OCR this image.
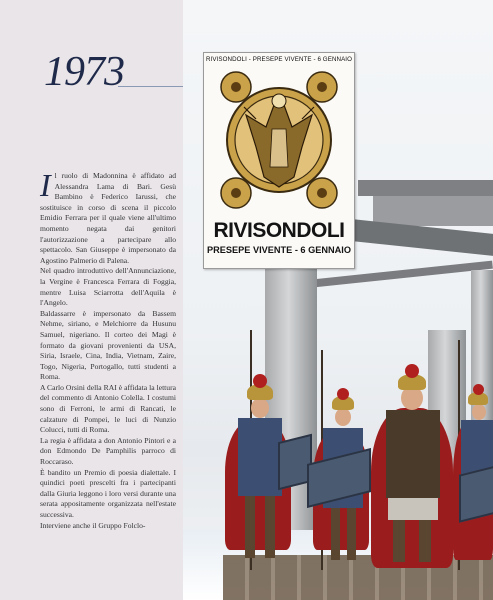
1973
I l ruolo di Madonnina è affidato ad Alessandra Lama di Bari. Gesù Bambino è Federico Iarussi, che sostituisce in corso di scena il piccolo Emidio Ferrara per il quale viene all'ultimo momento negata dai genitori l'autorizzazione a partecipare allo spettacolo. San Giuseppe è impersonato da Agostino Palmerio di Palena.

Nel quadro introduttivo dell'Annunciazione, la Vergine è Francesca Ferrara di Foggia, mentre Luisa Sciarrotta dell'Aquila è l'Angelo.

Baldassarre è impersonato da Bassem Nehme, siriano, e Melchiorre da Husunu Samuel, nigeriano. Il corteo dei Magi è formato da giovani provenienti da USA, Siria, Israele, Cina, India, Vietnam, Zaire, Togo, Nigeria, Portogallo, tutti studenti a Roma.

A Carlo Orsini della RAI è affidata la lettura del commento di Antonio Colella. I costumi sono di Ferroni, le armi di Rancati, le calzature di Pompei, le luci di Nunzio Colucci, tutti di Roma.

La regia è affidata a don Antonio Pintori e a don Edmondo De Pamphilis parroco di Roccaraso.

È bandito un Premio di poesia dialettale. I quindici poeti prescelti fra i partecipanti dalla Giuria leggono i loro versi durante una serata appositamente organizzata nell'estate successiva.

Interviene anche il Gruppo Folclo-

RIVISONDOLI - PRESEPE VIVENTE - 6 GENNAIO
RIVISONDOLI
PRESEPE VIVENTE - 6 GENNAIO
